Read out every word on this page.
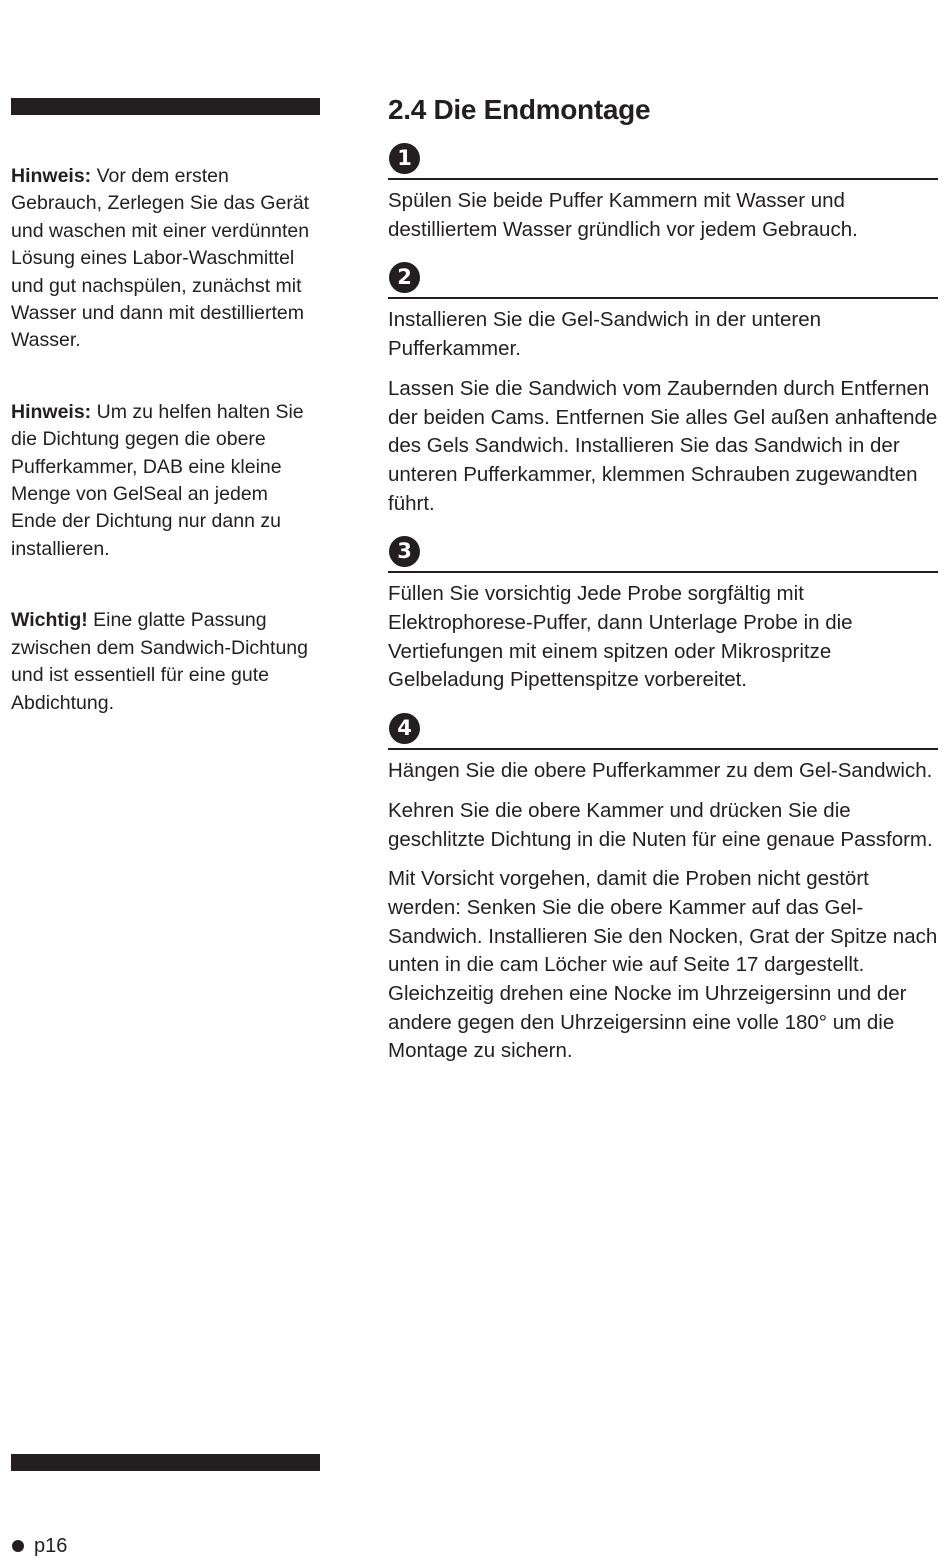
Hinweis: Vor dem ersten Gebrauch, Zerlegen Sie das Gerät und waschen mit einer verdünnten Lösung eines Labor-Waschmittel und gut nachspülen, zunächst mit Wasser und dann mit destilliertem Wasser.

Hinweis: Um zu helfen halten Sie die Dichtung gegen die obere Pufferkammer, DAB eine kleine Menge von GelSeal an jedem Ende der Dichtung nur dann zu installieren.

Wichtig! Eine glatte Passung zwischen dem Sandwich-Dichtung und ist essentiell für eine gute Abdichtung.

2.4 Die Endmontage
1

Spülen Sie beide Puffer Kammern mit Wasser und destilliertem Wasser gründlich vor jedem Gebrauch.

2

Installieren Sie die Gel-Sandwich in der unteren Pufferkammer.

Lassen Sie die Sandwich vom Zaubernden durch Entfernen der beiden Cams. Entfernen Sie alles Gel außen anhaftende des Gels Sandwich. Installieren Sie das Sandwich in der unteren Pufferkammer, klemmen Schrauben zugewandten führt.

3

Füllen Sie vorsichtig Jede Probe sorgfältig mit Elektrophorese-Puffer, dann Unterlage Probe in die Vertiefungen mit einem spitzen oder Mikrospritze Gelbeladung Pipettenspitze vorbereitet.

4

Hängen Sie die obere Pufferkammer zu dem Gel-Sandwich.

Kehren Sie die obere Kammer und drücken Sie die geschlitzte Dichtung in die Nuten für eine genaue Passform.

Mit Vorsicht vorgehen, damit die Proben nicht gestört werden: Senken Sie die obere Kammer auf das Gel-Sandwich. Installieren Sie den Nocken, Grat der Spitze nach unten in die cam Löcher wie auf Seite 17 dargestellt. Gleichzeitig drehen eine Nocke im Uhrzeigersinn und der andere gegen den Uhrzeigersinn eine volle 180° um die Montage zu sichern.

p16
